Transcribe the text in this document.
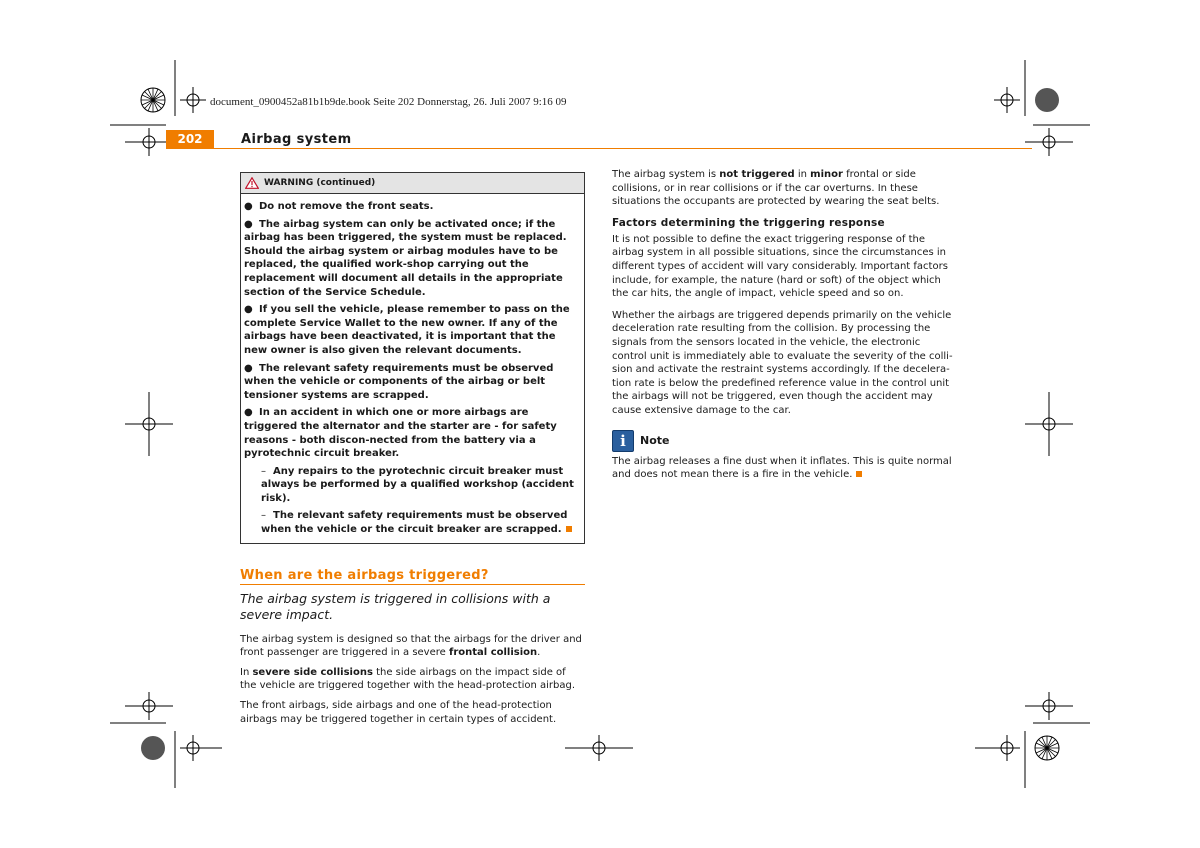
document_0900452a81b1b9de.book Seite 202 Donnerstag, 26. Juli 2007 9:16 09
202	Airbag system
WARNING (continued)

● Do not remove the front seats.

● The airbag system can only be activated once; if the airbag has been triggered, the system must be replaced. Should the airbag system or airbag modules have to be replaced, the qualified work-shop carrying out the replacement will document all details in the appropriate section of the Service Schedule.

● If you sell the vehicle, please remember to pass on the complete Service Wallet to the new owner. If any of the airbags have been deactivated, it is important that the new owner is also given the relevant documents.

● The relevant safety requirements must be observed when the vehicle or components of the airbag or belt tensioner systems are scrapped.

● In an accident in which one or more airbags are triggered the alternator and the starter are - for safety reasons - both discon-nected from the battery via a pyrotechnic circuit breaker.

– Any repairs to the pyrotechnic circuit breaker must always be performed by a qualified workshop (accident risk).

– The relevant safety requirements must be observed when the vehicle or the circuit breaker are scrapped.

When are the airbags triggered?
The airbag system is triggered in collisions with a severe impact.

The airbag system is designed so that the airbags for the driver and front passenger are triggered in a severe frontal collision.

In severe side collisions the side airbags on the impact side of the vehicle are triggered together with the head-protection airbag.

The front airbags, side airbags and one of the head-protection airbags may be triggered together in certain types of accident.

The airbag system is not triggered in minor frontal or side collisions, or in rear collisions or if the car overturns. In these situations the occupants are protected by wearing the seat belts.

Factors determining the triggering response

It is not possible to define the exact triggering response of the airbag system in all possible situations, since the circumstances in different types of accident will vary considerably. Important factors include, for example, the nature (hard or soft) of the object which the car hits, the angle of impact, vehicle speed and so on.

Whether the airbags are triggered depends primarily on the vehicle deceleration rate resulting from the collision. By processing the signals from the sensors located in the vehicle, the electronic control unit is immediately able to evaluate the severity of the colli-sion and activate the restraint systems accordingly. If the decelera-tion rate is below the predefined reference value in the control unit the airbags will not be triggered, even though the accident may cause extensive damage to the car.

i	Note

The airbag releases a fine dust when it inflates. This is quite normal and does not mean there is a fire in the vehicle.
